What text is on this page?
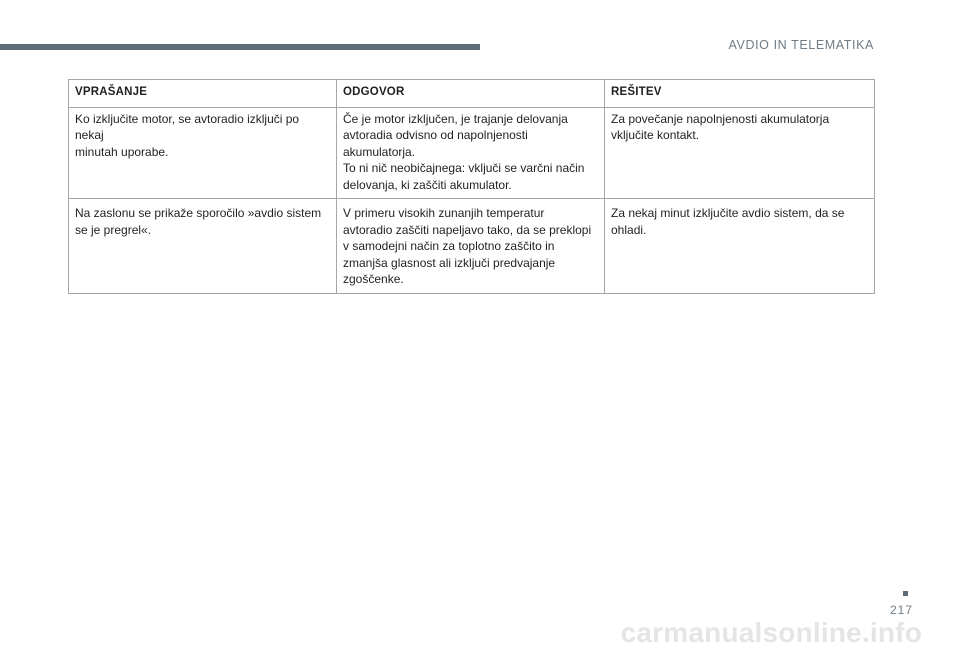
AVDIO IN TELEMATIKA
VPRAŠANJE	ODGOVOR	REŠITEV

Ko izključite motor, se avtoradio izključi po nekaj
minutah uporabe.	Če je motor izključen, je trajanje delovanja
avtoradia odvisno od napolnjenosti
akumulatorja.
To ni nič neobičajnega: vključi se varčni način
delovanja, ki zaščiti akumulator.	Za povečanje napolnjenosti akumulatorja
vključite kontakt.

Na zaslonu se prikaže sporočilo »avdio sistem
se je pregrel«.	V primeru visokih zunanjih temperatur
avtoradio zaščiti napeljavo tako, da se preklopi
v samodejni način za toplotno zaščito in
zmanjša glasnost ali izključi predvajanje
zgoščenke.	Za nekaj minut izključite avdio sistem, da se
ohladi.
217
carmanualsonline.info
